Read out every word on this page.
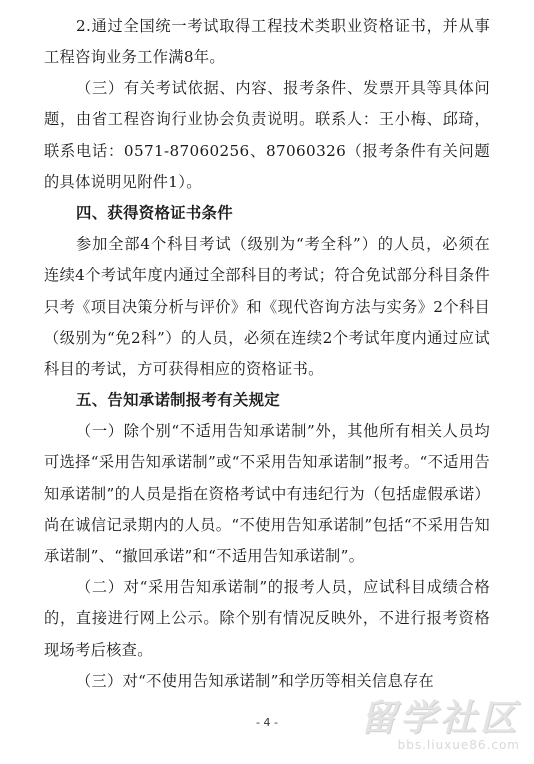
2.通过全国统一考试取得工程技术类职业资格证书，并从事工程咨询业务工作满8年。

（三）有关考试依据、内容、报考条件、发票开具等具体问题，由省工程咨询行业协会负责说明。联系人：王小梅、邱琦，联系电话：0571-87060256、87060326（报考条件有关问题的具体说明见附件1）。

四、获得资格证书条件

参加全部4个科目考试（级别为“考全科”）的人员，必须在连续4个考试年度内通过全部科目的考试；符合免试部分科目条件只考《项目决策分析与评价》和《现代咨询方法与实务》2个科目（级别为“免2科”）的人员，必须在连续2个考试年度内通过应试科目的考试，方可获得相应的资格证书。

五、告知承诺制报考有关规定

（一）除个别“不适用告知承诺制”外，其他所有相关人员均可选择“采用告知承诺制”或“不采用告知承诺制”报考。“不适用告知承诺制”的人员是指在资格考试中有违纪行为（包括虚假承诺）尚在诚信记录期内的人员。“不使用告知承诺制”包括“不采用告知承诺制”、“撤回承诺”和“不适用告知承诺制”。

（二）对“采用告知承诺制”的报考人员，应试科目成绩合格的，直接进行网上公示。除个别有情况反映外，不进行报考资格现场考后核查。

（三）对“不使用告知承诺制”和学历等相关信息存在

- 4 -	留学社区
bbs.liuxue86.com
